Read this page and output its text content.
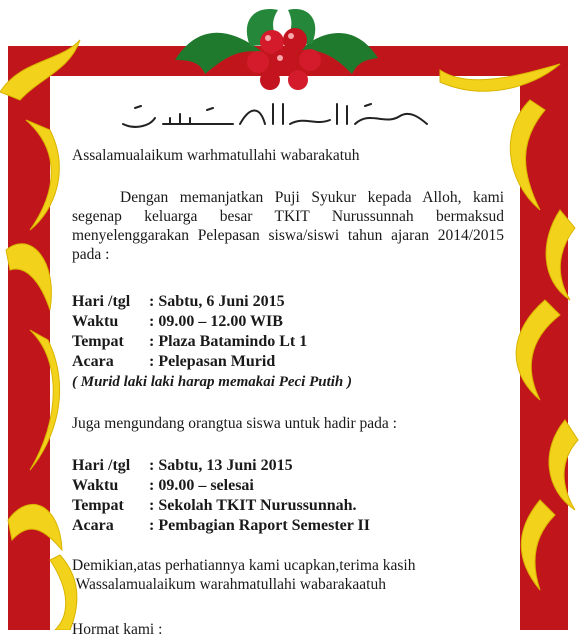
Assalamualaikum warhmatullahi wabarakatuh
Dengan memanjatkan Puji Syukur kepada Alloh, kami segenap keluarga besar TKIT Nurussunnah bermaksud menyelenggarakan Pelepasan siswa/siswi tahun ajaran 2014/2015 pada :
Hari /tgl	: Sabtu, 6 Juni 2015
Waktu	: 09.00 – 12.00 WIB
Tempat	: Plaza Batamindo Lt 1
Acara	: Pelepasan Murid
( Murid laki laki harap memakai Peci Putih )
Juga mengundang orangtua siswa untuk hadir pada :
Hari /tgl	: Sabtu, 13 Juni 2015
Waktu	: 09.00 – selesai
Tempat	: Sekolah TKIT Nurussunnah.
Acara	: Pembagian Raport Semester II
Demikian,atas perhatiannya kami ucapkan,terima kasih
Wassalamualaikum warahmatullahi wabarakaatuh
Hormat kami :
